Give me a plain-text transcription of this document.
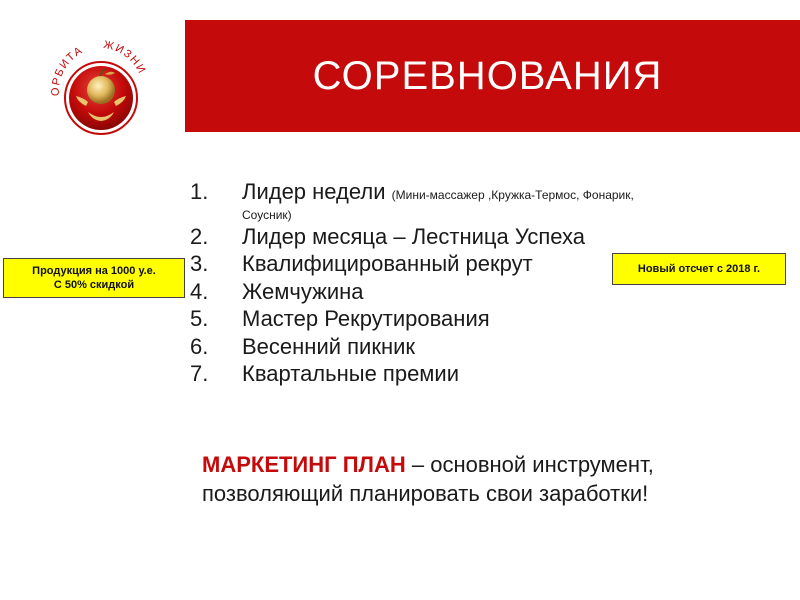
ОРБИТА ЖИЗНИ	СОРЕВНОВАНИЯ
1.	Лидер недели (Мини-массажер ,Кружка-Термос, Фонарик,
Соусник)
2.	Лидер месяца – Лестница Успеха
3.	Квалифицированный рекрут
4.	Жемчужина
5.	Мастер Рекрутирования
6.	Весенний пикник
7.	Квартальные премии
Продукция на 1000 у.е.
С 50% скидкой
Новый отсчет с 2018 г.
МАРКЕТИНГ ПЛАН – основной инструмент, позволяющий планировать свои заработки!
